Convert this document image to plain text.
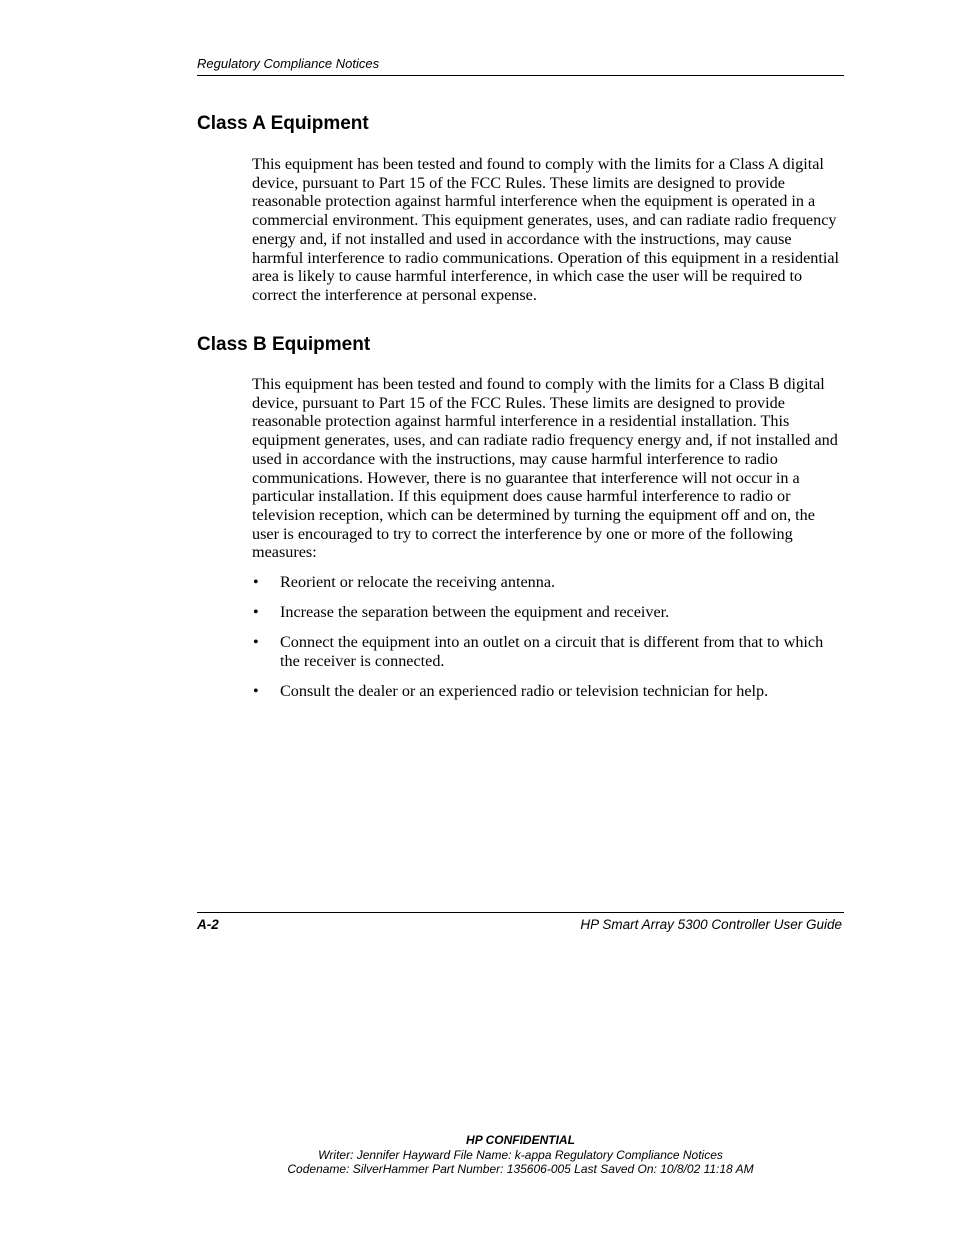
Regulatory Compliance Notices
Class A Equipment

This equipment has been tested and found to comply with the limits for a Class A digital device, pursuant to Part 15 of the FCC Rules. These limits are designed to provide reasonable protection against harmful interference when the equipment is operated in a commercial environment. This equipment generates, uses, and can radiate radio frequency energy and, if not installed and used in accordance with the instructions, may cause harmful interference to radio communications. Operation of this equipment in a residential area is likely to cause harmful interference, in which case the user will be required to correct the interference at personal expense.

Class B Equipment

This equipment has been tested and found to comply with the limits for a Class B digital device, pursuant to Part 15 of the FCC Rules. These limits are designed to provide reasonable protection against harmful interference in a residential installation. This equipment generates, uses, and can radiate radio frequency energy and, if not installed and used in accordance with the instructions, may cause harmful interference to radio communications. However, there is no guarantee that interference will not occur in a particular installation. If this equipment does cause harmful interference to radio or television reception, which can be determined by turning the equipment off and on, the user is encouraged to try to correct the interference by one or more of the following measures:

• Reorient or relocate the receiving antenna.
• Increase the separation between the equipment and receiver.
• Connect the equipment into an outlet on a circuit that is different from that to which the receiver is connected.
• Consult the dealer or an experienced radio or television technician for help.
A-2	HP Smart Array 5300 Controller User Guide
HP CONFIDENTIAL
Writer: Jennifer Hayward File Name: k-appa Regulatory Compliance Notices
Codename: SilverHammer Part Number: 135606-005 Last Saved On: 10/8/02 11:18 AM
